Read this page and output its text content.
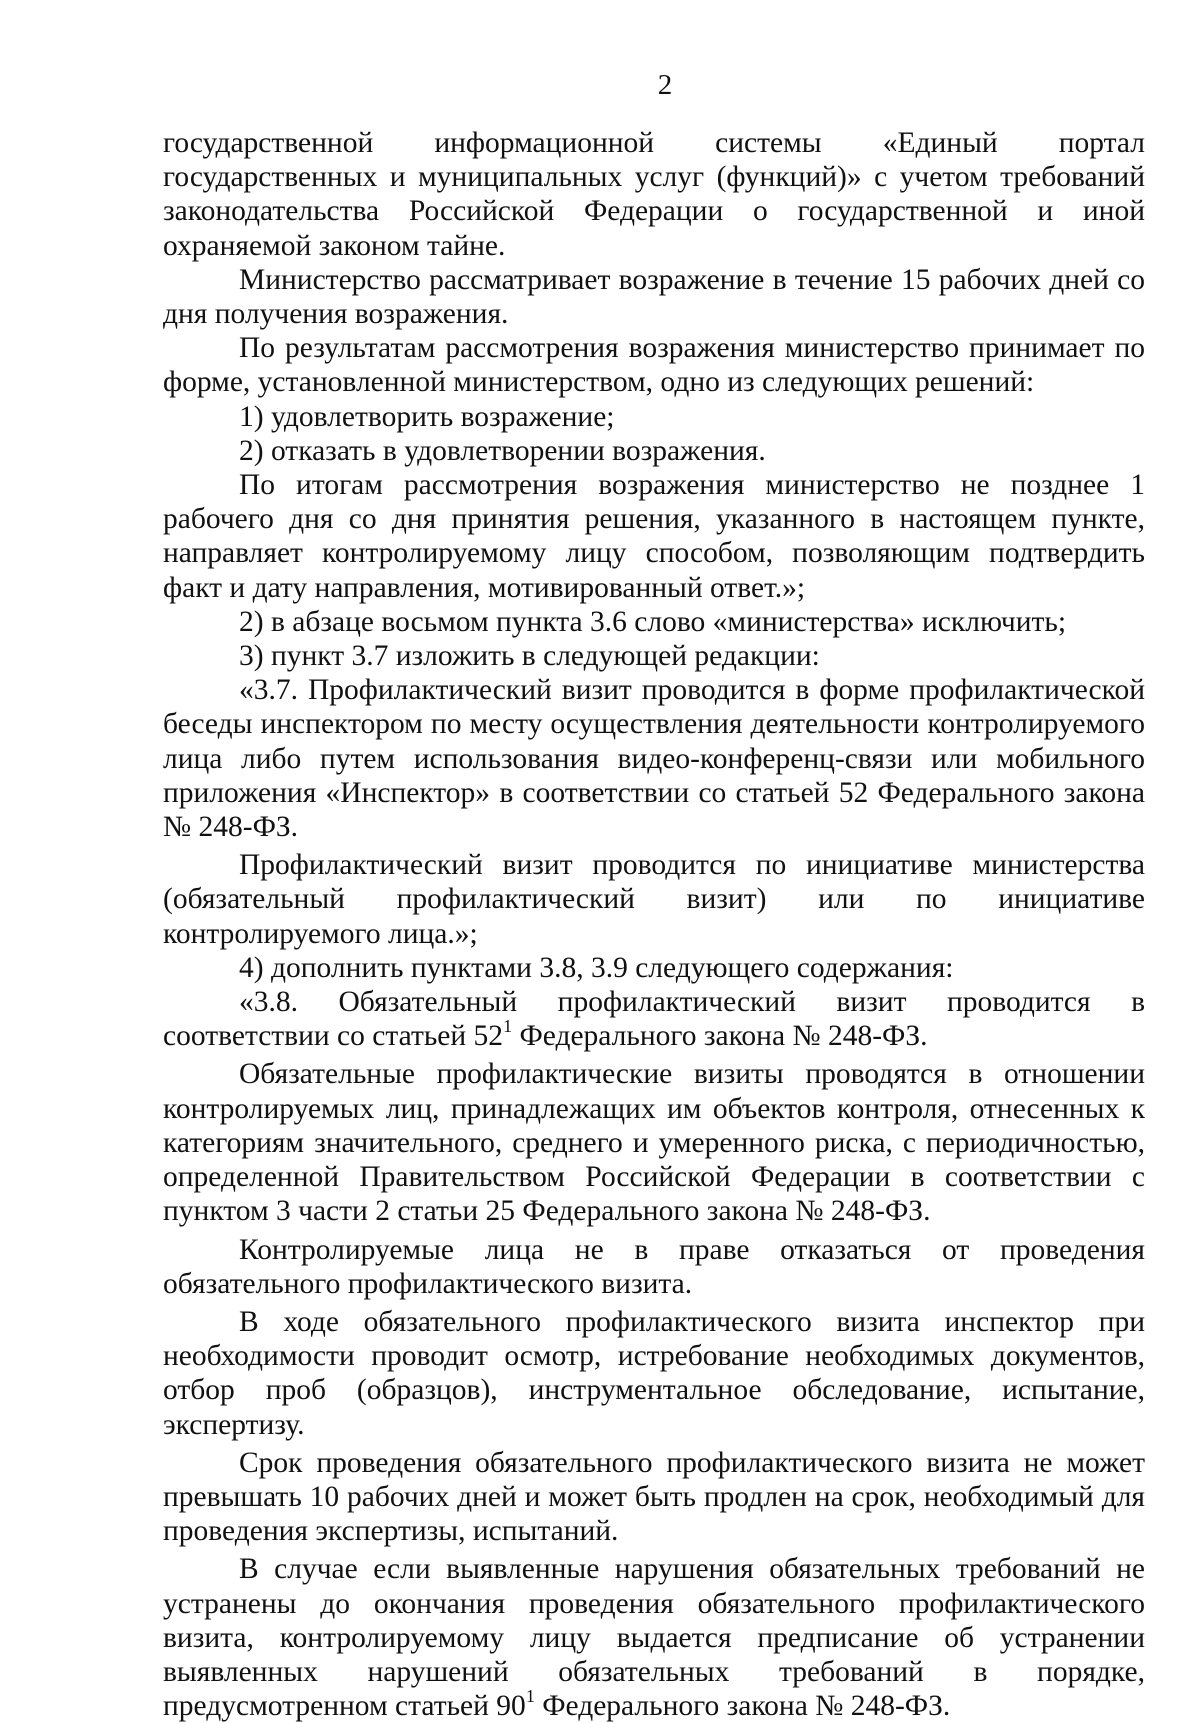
2

государственной информационной системы «Единый портал государственных и муниципальных услуг (функций)» с учетом требований законодательства Российской Федерации о государственной и иной охраняемой законом тайне.

Министерство рассматривает возражение в течение 15 рабочих дней со дня получения возражения.

По результатам рассмотрения возражения министерство принимает по форме, установленной министерством, одно из следующих решений:

1) удовлетворить возражение;

2) отказать в удовлетворении возражения.

По итогам рассмотрения возражения министерство не позднее 1 рабочего дня со дня принятия решения, указанного в настоящем пункте, направляет контролируемому лицу способом, позволяющим подтвердить факт и дату направления, мотивированный ответ.»;

2) в абзаце восьмом пункта 3.6 слово «министерства» исключить;

3) пункт 3.7 изложить в следующей редакции:

«3.7. Профилактический визит проводится в форме профилактической беседы инспектором по месту осуществления деятельности контролируемого лица либо путем использования видео-конференц-связи или мобильного приложения «Инспектор» в соответствии со статьей 52 Федерального закона № 248-ФЗ.

Профилактический визит проводится по инициативе министерства (обязательный профилактический визит) или по инициативе контролируемого лица.»;

4) дополнить пунктами 3.8, 3.9 следующего содержания:

«3.8. Обязательный профилактический визит проводится в соответствии со статьей $52^1$ Федерального закона № 248-ФЗ.

Обязательные профилактические визиты проводятся в отношении контролируемых лиц, принадлежащих им объектов контроля, отнесенных к категориям значительного, среднего и умеренного риска, с периодичностью, определенной Правительством Российской Федерации в соответствии с пунктом 3 части 2 статьи 25 Федерального закона № 248-ФЗ.

Контролируемые лица не в праве отказаться от проведения обязательного профилактического визита.

В ходе обязательного профилактического визита инспектор при необходимости проводит осмотр, истребование необходимых документов, отбор проб (образцов), инструментальное обследование, испытание, экспертизу.

Срок проведения обязательного профилактического визита не может превышать 10 рабочих дней и может быть продлен на срок, необходимый для проведения экспертизы, испытаний.

В случае если выявленные нарушения обязательных требований не устранены до окончания проведения обязательного профилактического визита, контролируемому лицу выдается предписание об устранении выявленных нарушений обязательных требований в порядке, предусмотренном статьей $90^1$ Федерального закона № 248-ФЗ.
